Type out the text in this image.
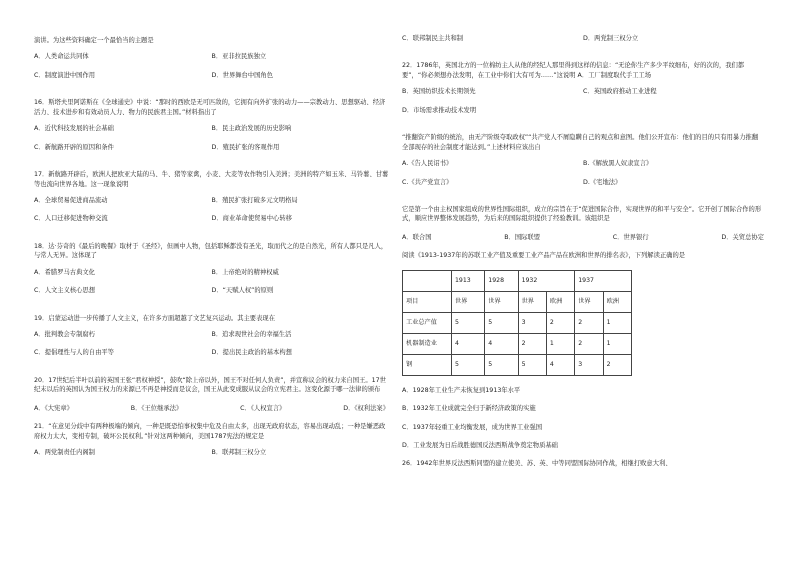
演讲。为这些资料确定一个最恰当的主题是

A．人类命运共同体	B．亚非拉民族独立
C．制度演进中国作用	D．世界舞台中国角色

16．斯塔夫里阿诺斯在《全球通史》中说：“那时的西欧是无可匹敌的，它拥有向外扩张的动力——宗教动力、思想驱动、经济活力、技术进步和有效动员人力、物力的民族君主国。”材料指出了

A．近代科技发展的社会基础	B．民主政治发展的历史影响
C．新航路开辟的原因和条件	D．殖民扩张的客观作用

17．新航路开辟后，欧洲人把欧亚大陆的马、牛、猪等家禽，小麦、大麦等农作物引入美洲；美洲的特产如玉米、马铃薯、甘薯等也流向世界各地。这一现象说明

A．全球贸易促进商品流动	B．殖民扩张打破多元文明格局
C．人口迁移促进物种交流	D．商业革命使贸易中心转移

18．达·芬奇的《最后的晚餐》取材于《圣经》，但画中人物，包括耶稣都没有圣光，取而代之的是自然光，所有人都只是凡人，与常人无异。这体现了

A．希腊罗马古典文化	B．上帝绝对的精神权威
C．人文主义核心思想	D．“天赋人权”的原则

19．启蒙运动进一步传播了人文主义，在许多方面超越了文艺复兴运动。其主要表现在

A．批判教会专制腐朽	B．追求现世社会的幸福生活
C．提倡理性与人的自由平等	D．提出民主政治的基本构想

20．17世纪后半叶以前的英国王张“君权神授”，鼓吹“除上帝以外，国王不对任何人负责”，并宣称议会的权力来自国王。17世纪末以后的英国认为国王权力的来源已不再是神授而是议会，国王从此变成服从议会的立宪君主。这变化源于哪一法律的颁布

A．《大宪章》	B．《王位继承法》	C．《人权宣言》	D．《权利法案》

21．“在意见分歧中有两种极端的倾向，一种是既恐怕事权集中危及自由太多，出现无政府状态，容易出现动乱；一种是嫌恶政府权力太大，变相专制，破坏公民权利。”针对这两种倾向，美国1787宪法的规定是

A．两党制责任内阁制	B．联邦制三权分立
C．联邦制民主共和制	D．两党制三权分立

22．1786年，英国北方的一位棉纺主人从他的经纪人那里得到这样的信息：“无论你生产多少平纹细布，好的次的，我们都要”，“你必须想办法发明，在工业中你们大有可为……”这说明 A．工厂制度取代手工工场

B．英国纺织技术长期领先	C．英国政府推动工业进程
D．市场需求推动技术发明

“推翻资产阶级的统治，由无产阶级夺取政权”“共产党人不屑隐瞒自己的观点和意图。他们公开宣布：他们的目的只有用暴力推翻全部现存的社会制度才能达到。”上述材料应该出自

A.《告人民诏书》	B.《解放黑人奴隶宣言》
C.《共产党宣言》	D.《宅地法》

它是第一个由主权国家组成的世界性国际组织，成立的宗旨在于“促进国际合作，实现世界的和平与安全”。它开创了国际合作的形式，顺应世界整体发展趋势，为后来的国际组织提供了经验教训。该组织是

A．联合国	B．国际联盟	C．世界银行	D．关贸总协定

阅读《1913-1937年的苏联工业产值及重要工业产品产品在欧洲和世界的排名表》，下列解读正确的是

	1913	1928	1932		1937	
项目	世界	世界	世界	欧洲	世界	欧洲
工业总产值	5	5	3	2	2	1
机器制造业	4	4	2	1	2	1
钢	5	5	5	4	3	2
A．1928年工业生产未恢复到1913年水平
B．1932年工业成就完全归于新经济政策的实施
C．1937年轻重工业均衡发展，成为世界工业强国
D．工业发展为日后战胜德国反法西斯战争奠定物质基础

26．1942年世界反法西斯同盟的建立使美、苏、英、中等同盟国际协同作战，相继打败意大利、
